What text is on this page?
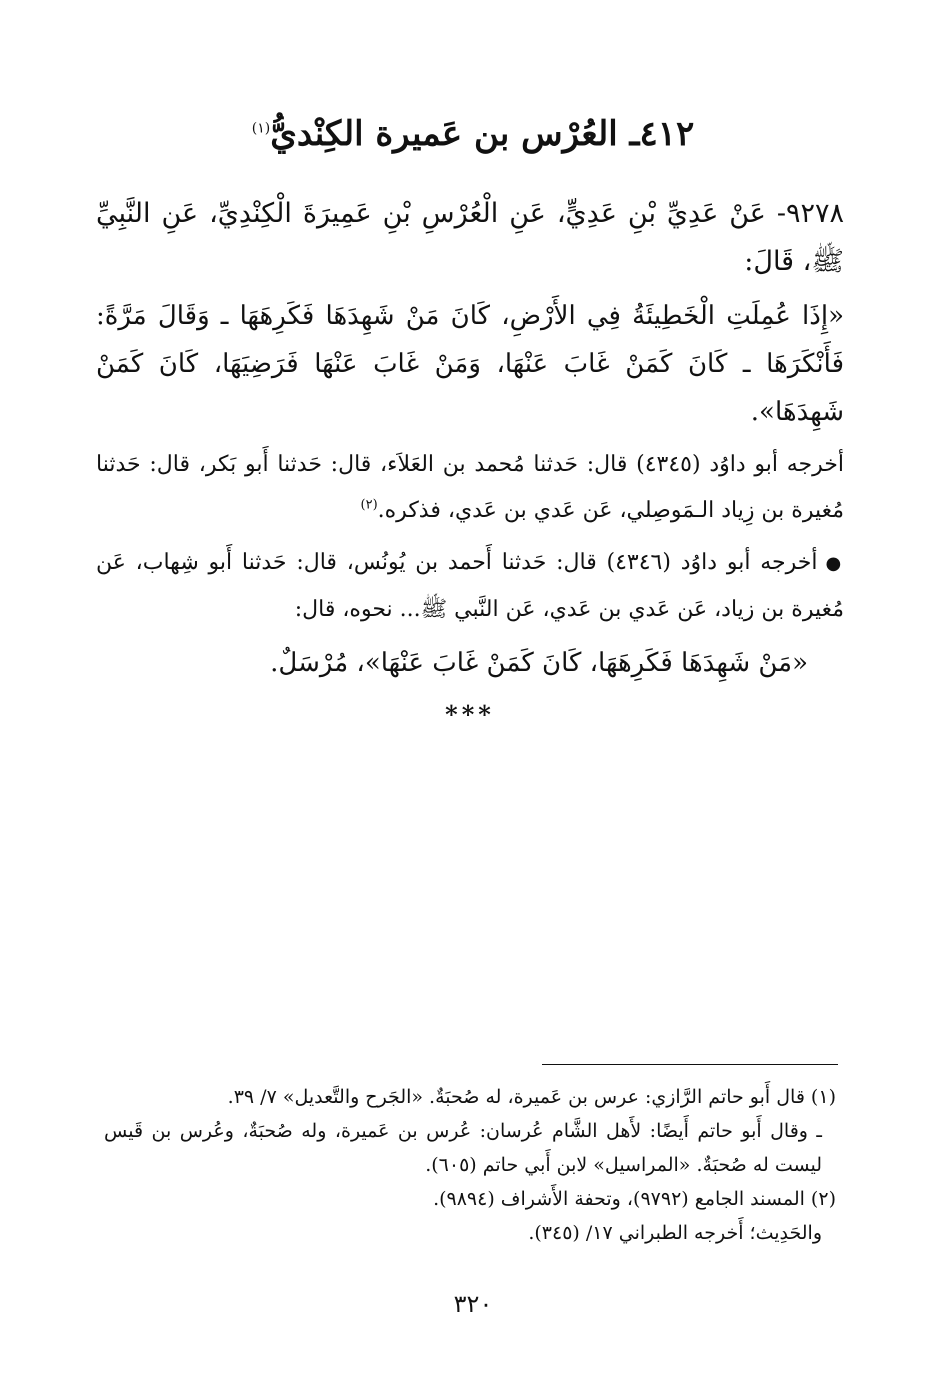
٤١٢ـ العُرْس بن عَميرة الكِنْديُّ$^{(١)}$

٩٢٧٨- عَنْ عَدِيِّ بْنِ عَدِيٍّ، عَنِ الْعُرْسِ بْنِ عَمِيرَةَ الْكِنْدِيِّ، عَنِ النَّبِيِّ ﷺ، قَالَ:

«إِذَا عُمِلَتِ الْخَطِيئَةُ فِي الأَرْضِ، كَانَ مَنْ شَهِدَهَا فَكَرِهَهَا ـ وَقَالَ مَرَّةً: فَأَنْكَرَهَا ـ كَانَ كَمَنْ غَابَ عَنْهَا، وَمَنْ غَابَ عَنْهَا فَرَضِيَهَا، كَانَ كَمَنْ شَهِدَهَا».

أخرجه أبو داوُد (٤٣٤٥) قال: حَدثنا مُحمد بن العَلاَء، قال: حَدثنا أَبو بَكر، قال: حَدثنا مُغيرة بن زِياد الـمَوصِلي، عَن عَدي بن عَدي، فذكره.$^{(٢)}$

●أخرجه أبو داوُد (٤٣٤٦) قال: حَدثنا أَحمد بن يُونُس، قال: حَدثنا أَبو شِهاب، عَن مُغيرة بن زياد، عَن عَدي بن عَدي، عَن النَّبي ﷺ... نحوه، قال:

«مَنْ شَهِدَهَا فَكَرِهَهَا، كَانَ كَمَنْ غَابَ عَنْهَا»، مُرْسَلٌ.

***

(١) قال أَبو حاتم الرَّازي: عرس بن عَميرة، له صُحبَةٌ. «الجَرح والتَّعديل» ٧/ ٣٩.

ـ وقال أَبو حاتم أَيضًا: لأَهل الشَّام عُرسان: عُرس بن عَميرة، وله صُحبَةٌ، وعُرس بن قَيس ليست له صُحبَةٌ. «المراسيل» لابن أَبي حاتم (٦٠٥).

(٢) المسند الجامع (٩٧٩٢)، وتحفة الأَشراف (٩٨٩٤).

والحَدِيث؛ أَخرجه الطبراني ١٧/ (٣٤٥).

٣٢٠
